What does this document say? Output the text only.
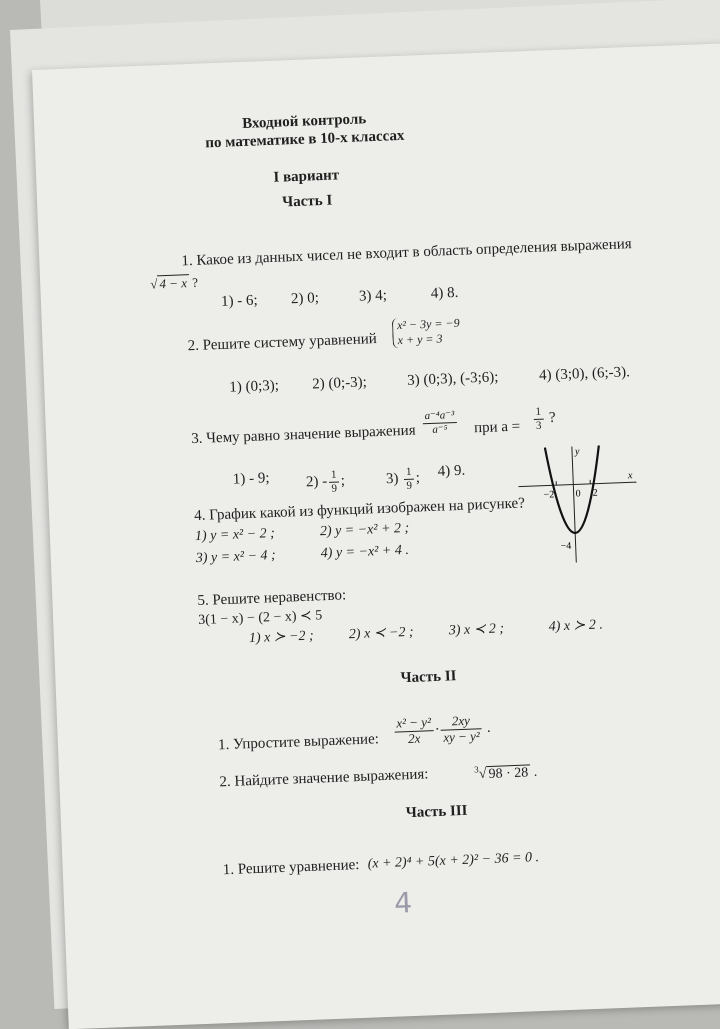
Входной контроль
по математике в 10-х классах
I вариант
Часть I
1. Какое из данных чисел не входит в область определения выражения
√4 − x ?
1) - 6; 2) 0;	3) 4;	4) 8.
2. Решите систему уравнений
x² − 3y = −9
x + y = 3
1) (0;3); 2) (0;-3);	3) (0;3), (-3;6);	4) (3;0), (6;-3).
3. Чему равно значение выражения $\frac{\text{a⁻⁴a⁻³}}{\text{a⁻⁵}}$ при $a = \frac{1}{3}$ ?
1) - 9; $2) - \frac{1}{9}$ ;	$3) \frac{1}{9}$ ; 4) 9.
4. График какой из функций изображен на рисунке?
1) y = x² − 2 ;	2) y = −x² + 2 ;
3) y = x² − 4 ;	4) y = −x² + 4 .
y
x
−2 0 2
−4
5. Решите неравенство:
3(1 − x) − (2 − x) ≺ 5
1) x ≻ −2 ; 2) x ≺ −2 ; 3) x ≺ 2 ;	4) x ≻ 2 .
Часть II
1. Упростите выражение: $\frac{\text{x² − y²}}{2x} \cdot \frac{2xy}{\text{xy − y²}}$ .
2. Найдите значение выражения:	$^3$√98 · 28 .
Часть III
1. Решите уравнение: (x + 2)⁴ + 5(x + 2)² − 36 = 0 .
4
